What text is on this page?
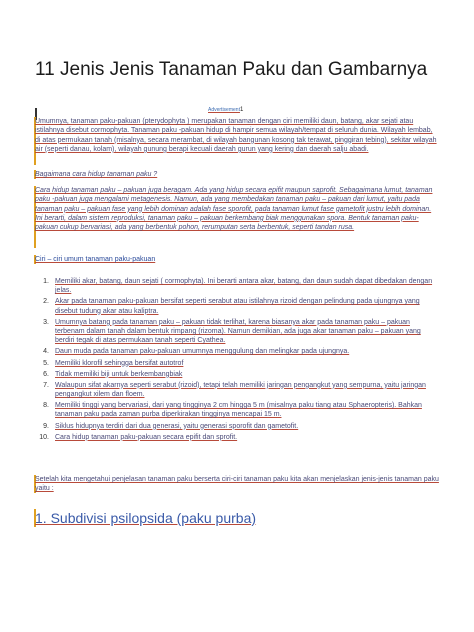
11 Jenis Jenis Tanaman Paku dan Gambarnya
Advertisement1

Umumnya, tanaman paku-pakuan (pterydophyta ) merupakan tanaman dengan ciri memiliki daun, batang, akar sejati atau istilahnya disebut cormophyta. Tanaman paku -pakuan hidup di hampir semua wilayah/tempat di seluruh dunia. Wilayah lembab, di atas permukaan tanah (misalnya, secara merambat, di wilayah bangunan kosong tak terawat, pinggiran tebing), sekitar wilayah air (seperti danau, kolam), wilayah gunung berapi kecuali daerah gurun yang kering dan daerah salju abadi.

Bagaimana cara hidup tanaman paku ?

Cara hidup tanaman paku – pakuan juga beragam. Ada yang hidup secara epifit maupun saprofit. Sebagaimana lumut, tanaman paku -pakuan juga mengalami metagenesis. Namun, ada yang membedakan tanaman paku – pakuan dari lumut, yaitu pada tanaman paku – pakuan fase yang lebih dominan adalah fase sporofit, pada tanaman lumut fase gametofit justru lebih dominan. Ini berarti, dalam sistem reproduksi, tanaman paku – pakuan berkembang biak menggunakan spora. Bentuk tanaman paku-pakuan cukup bervariasi, ada yang berbentuk pohon, rerumputan serta berbentuk, seperti tandan rusa.

Ciri – ciri umum tanaman paku-pakuan

1. Memiliki akar, batang, daun sejati ( cormophyta). Ini berarti antara akar, batang, dan daun sudah dapat dibedakan dengan jelas.
2. Akar pada tanaman paku-pakuan bersifat seperti serabut atau istilahnya rizoid dengan pelindung pada ujungnya yang disebut tudung akar atau kaliptra.
3. Umumnya batang pada tanaman paku – pakuan tidak terlihat, karena biasanya akar pada tanaman paku – pakuan terbenam dalam tanah dalam bentuk rimpang (rizoma). Namun demikian, ada juga akar tanaman paku – pakuan yang berdiri tegak di atas permukaan tanah seperti Cyathea.
4. Daun muda pada tanaman paku-pakuan umumnya menggulung dan melingkar pada ujungnya.
5. Memiliki klorofil sehingga bersifat autotrof
6. Tidak memiliki biji untuk berkembangbiak
7. Walaupun sifat akarnya seperti serabut (rizoid), tetapi telah memiliki jaringan pengangkut yang sempurna, yaitu jaringan pengangkut xilem dan floem.
8. Memiliki tinggi yang bervariasi, dari yang tingginya 2 cm hingga 5 m (misalnya paku tiang atau Sphaeropteris). Bahkan tanaman paku pada zaman purba diperkirakan tingginya mencapai 15 m.
9. Siklus hidupnya terdiri dari dua generasi, yaitu generasi sporofit dan gametofit.
10. Cara hidup tanaman paku-pakuan secara epifit dan sprofit.

Setelah kita mengetahui penjelasan tanaman paku berserta ciri-ciri tanaman paku kita akan menjelaskan jenis-jenis tanaman paku yaitu :

1. Subdivisi psilopsida (paku purba)
